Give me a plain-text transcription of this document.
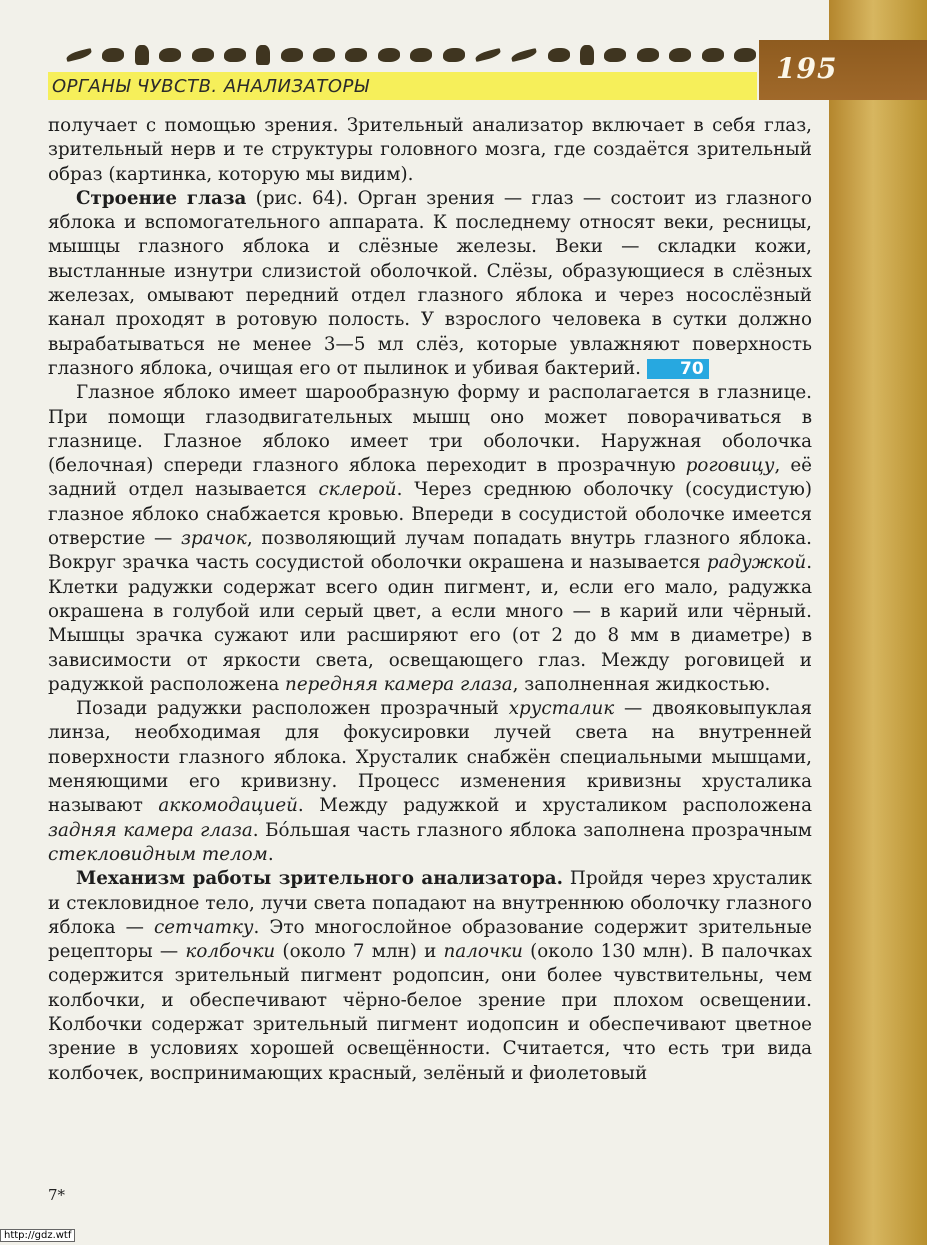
195
ОРГАНЫ ЧУВСТВ. АНАЛИЗАТОРЫ

получает с помощью зрения. Зрительный анализатор включает в себя глаз, зрительный нерв и те структуры головного мозга, где создаётся зрительный образ (картинка, которую мы видим).

Строение глаза (рис. 64). Орган зрения — глаз — состоит из глазного яблока и вспомогательного аппарата. К последнему относят веки, ресницы, мышцы глазного яблока и слёзные железы. Веки — складки кожи, выстланные изнутри слизистой оболочкой. Слёзы, образующиеся в слёзных железах, омывают передний отдел глазного яблока и через носослёзный канал проходят в ротовую полость. У взрослого человека в сутки должно вырабатываться не менее 3—5 мл слёз, которые увлажняют поверхность глазного яблока, очищая его от пылинок и убивая бактерий. 70

Глазное яблоко имеет шарообразную форму и располагается в глазнице. При помощи глазодвигательных мышц оно может поворачиваться в глазнице. Глазное яблоко имеет три оболочки. Наружная оболочка (белочная) спереди глазного яблока переходит в прозрачную роговицу, её задний отдел называется склерой. Через среднюю оболочку (сосудистую) глазное яблоко снабжается кровью. Впереди в сосудистой оболочке имеется отверстие — зрачок, позволяющий лучам попадать внутрь глазного яблока. Вокруг зрачка часть сосудистой оболочки окрашена и называется радужкой. Клетки радужки содержат всего один пигмент, и, если его мало, радужка окрашена в голубой или серый цвет, а если много — в карий или чёрный. Мышцы зрачка сужают или расширяют его (от 2 до 8 мм в диаметре) в зависимости от яркости света, освещающего глаз. Между роговицей и радужкой расположена передняя камера глаза, заполненная жидкостью.

Позади радужки расположен прозрачный хрусталик — двояковыпуклая линза, необходимая для фокусировки лучей света на внутренней поверхности глазного яблока. Хрусталик снабжён специальными мышцами, меняющими его кривизну. Процесс изменения кривизны хрусталика называют аккомодацией. Между радужкой и хрусталиком расположена задняя камера глаза. Бóльшая часть глазного яблока заполнена прозрачным стекловидным телом.

Механизм работы зрительного анализатора. Пройдя через хрусталик и стекловидное тело, лучи света попадают на внутреннюю оболочку глазного яблока — сетчатку. Это многослойное образование содержит зрительные рецепторы — колбочки (около 7 млн) и палочки (около 130 млн). В палочках содержится зрительный пигмент родопсин, они более чувствительны, чем колбочки, и обеспечивают чёрно-белое зрение при плохом освещении. Колбочки содержат зрительный пигмент иодопсин и обеспечивают цветное зрение в условиях хорошей освещённости. Считается, что есть три вида колбочек, воспринимающих красный, зелёный и фиолетовый

7*
http://gdz.wtf
